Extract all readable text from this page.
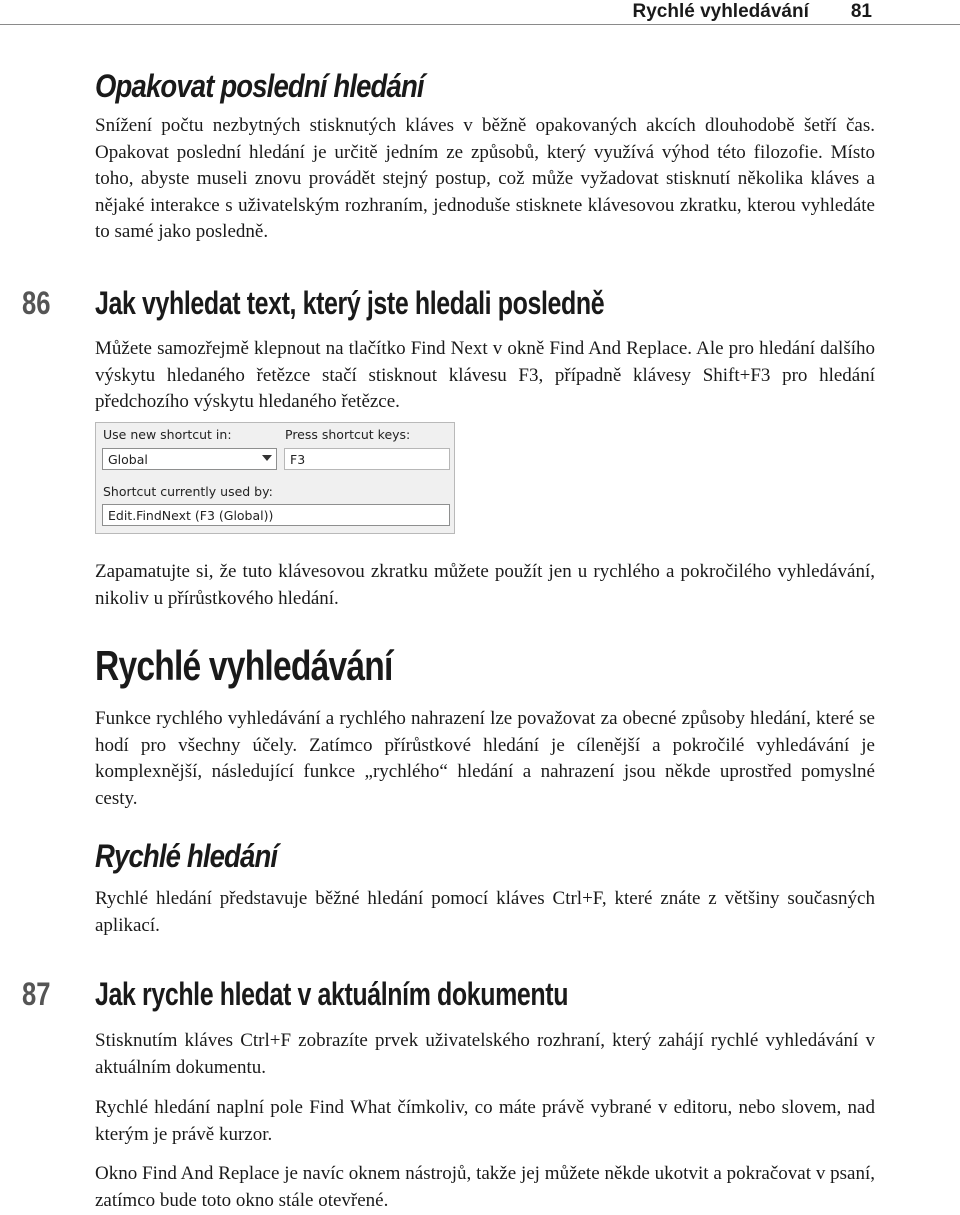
Rychlé vyhledávání 81
Opakovat poslední hledání

Snížení počtu nezbytných stisknutých kláves v běžně opakovaných akcích dlouhodobě šetří čas. Opakovat poslední hledání je určitě jedním ze způsobů, který využívá výhod této filozofie. Místo toho, abyste museli znovu provádět stejný postup, což může vyžadovat stisknutí několika kláves a nějaké interakce s uživatelským rozhraním, jednoduše stisknete klávesovou zkratku, kterou vyhledáte to samé jako posledně.

86 Jak vyhledat text, který jste hledali posledně

Můžete samozřejmě klepnout na tlačítko Find Next v okně Find And Replace. Ale pro hledání dalšího výskytu hledaného řetězce stačí stisknout klávesu F3, případně klávesy Shift+F3 pro hledání předchozího výskytu hledaného řetězce.

Use new shortcut in:	Press shortcut keys:
Global	F3
Shortcut currently used by:
Edit.FindNext (F3 (Global))

Zapamatujte si, že tuto klávesovou zkratku můžete použít jen u rychlého a pokročilého vyhledávání, nikoliv u přírůstkového hledání.

Rychlé vyhledávání

Funkce rychlého vyhledávání a rychlého nahrazení lze považovat za obecné způsoby hledání, které se hodí pro všechny účely. Zatímco přírůstkové hledání je cílenější a pokročilé vyhledávání je komplexnější, následující funkce „rychlého“ hledání a nahrazení jsou někde uprostřed pomyslné cesty.

Rychlé hledání

Rychlé hledání představuje běžné hledání pomocí kláves Ctrl+F, které znáte z většiny současných aplikací.

87 Jak rychle hledat v aktuálním dokumentu

Stisknutím kláves Ctrl+F zobrazíte prvek uživatelského rozhraní, který zahájí rychlé vyhledávání v aktuálním dokumentu.

Rychlé hledání naplní pole Find What čímkoliv, co máte právě vybrané v editoru, nebo slovem, nad kterým je právě kurzor.

Okno Find And Replace je navíc oknem nástrojů, takže jej můžete někde ukotvit a pokračovat v psaní, zatímco bude toto okno stále otevřené.
